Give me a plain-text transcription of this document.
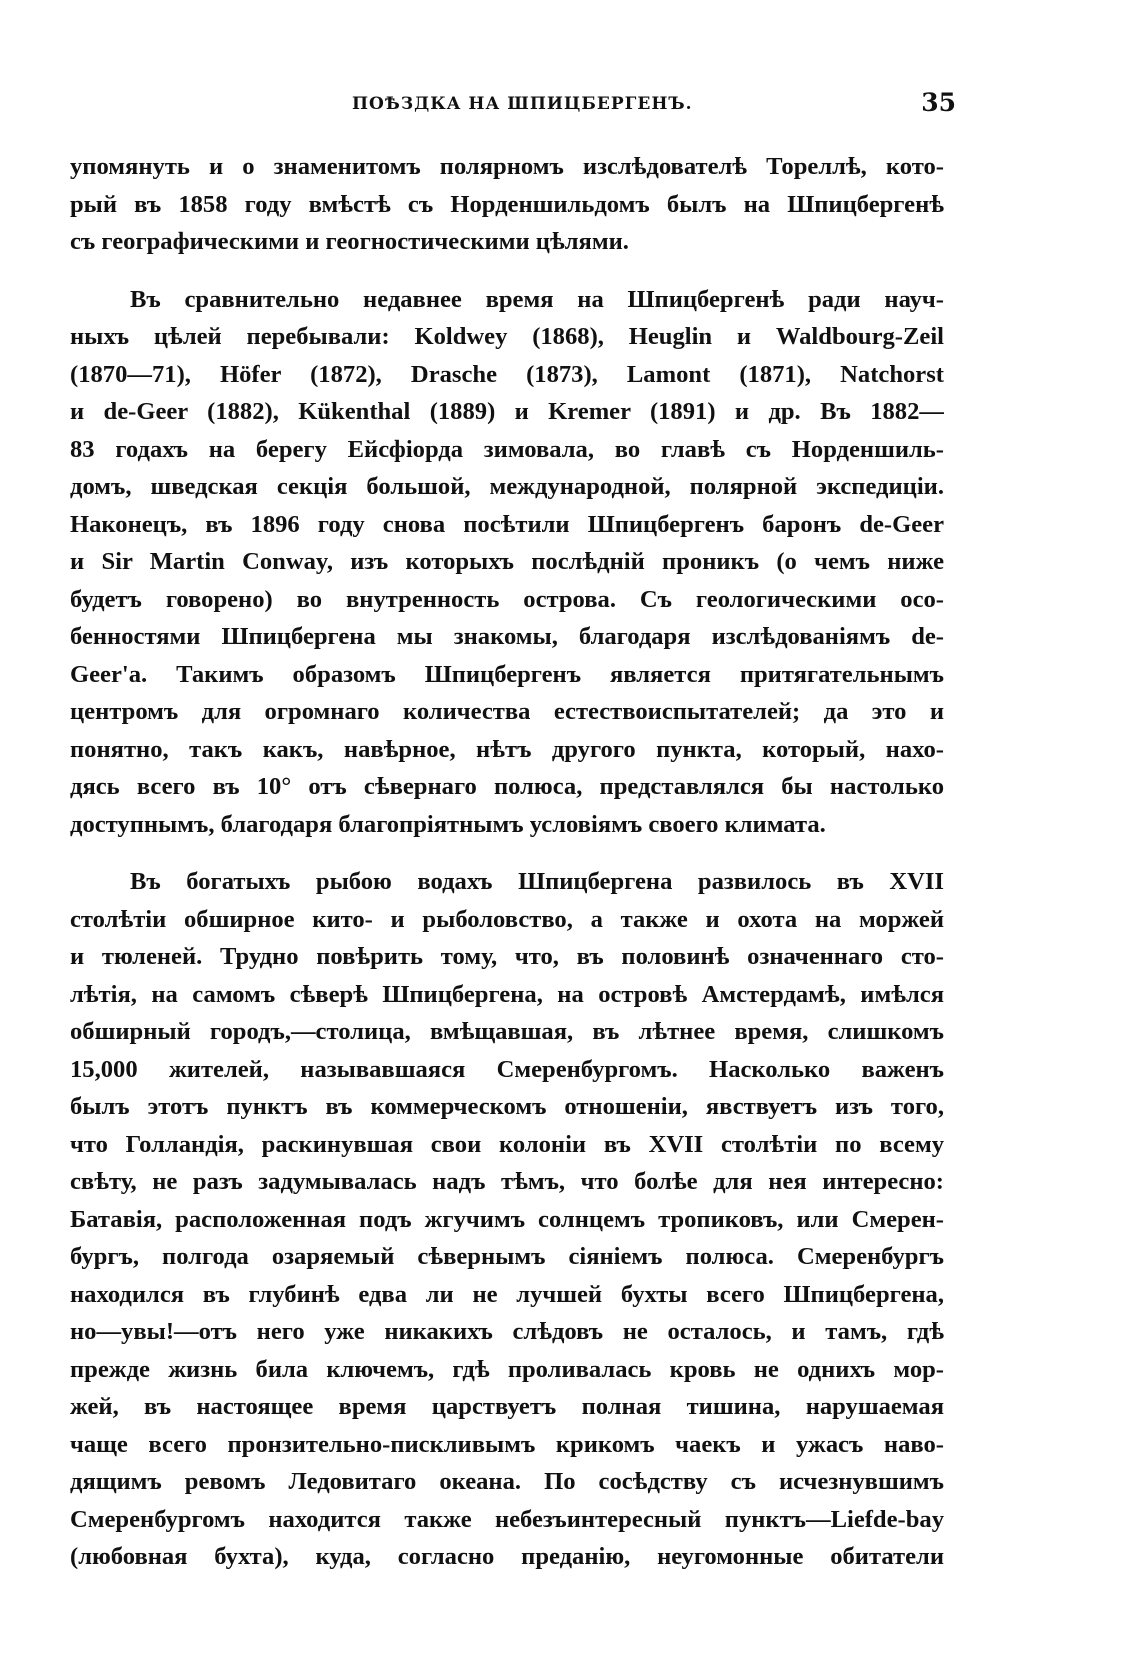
ПОѢЗДКА НА ШПИЦБЕРГЕНЪ.	35
упомянуть и о знаменитомъ полярномъ изслѣдователѣ Тореллѣ, кото-
рый въ 1858 году вмѣстѣ съ Норденшильдомъ былъ на Шпицбергенѣ
съ географическими и геогностическими цѣлями.
Въ сравнительно недавнее время на Шпицбергенѣ ради науч-
ныхъ цѣлей перебывали: Koldwey (1868), Heuglin и Waldbourg-Zeil
(1870—71), Höfer (1872), Drasche (1873), Lamont (1871), Natchorst
и de-Geer (1882), Kükenthal (1889) и Kremer (1891) и др. Въ 1882—
83 годахъ на берегу Ейсфiорда зимовала, во главѣ съ Норденшиль-
домъ, шведская секцiя большой, международной, полярной экспедицiи.
Наконецъ, въ 1896 году снова посѣтили Шпицбергенъ баронъ de-Geer
и Sir Martin Conway, изъ которыхъ послѣднiй проникъ (о чемъ ниже
будетъ говорено) во внутренность острова. Съ геологическими осо-
бенностями Шпицбергена мы знакомы, благодаря изслѣдованiямъ de-
Geer'а. Такимъ образомъ Шпицбергенъ является притягательнымъ
центромъ для огромнаго количества естествоиспытателей; да это и
понятно, такъ какъ, навѣрное, нѣтъ другого пункта, который, нахо-
дясь всего въ 10° отъ сѣвернаго полюса, представлялся бы настолько
доступнымъ, благодаря благопрiятнымъ условiямъ своего климата.
Въ богатыхъ рыбою водахъ Шпицбергена развилось въ XVII
столѣтiи обширное кито- и рыболовство, а также и охота на моржей
и тюленей. Трудно повѣрить тому, что, въ половинѣ означеннаго сто-
лѣтiя, на самомъ сѣверѣ Шпицбергена, на островѣ Амстердамѣ, имѣлся
обширный городъ,—столица, вмѣщавшая, въ лѣтнее время, слишкомъ
15,000 жителей, называвшаяся Смеренбургомъ. Насколько важенъ
былъ этотъ пунктъ въ коммерческомъ отношенiи, явствуетъ изъ того,
что Голландiя, раскинувшая свои колонiи въ XVII столѣтiи по всему
свѣту, не разъ задумывалась надъ тѣмъ, что болѣе для нея интересно:
Батавiя, расположенная подъ жгучимъ солнцемъ тропиковъ, или Смерен-
бургъ, полгода озаряемый сѣвернымъ сiянiемъ полюса. Смеренбургъ
находился въ глубинѣ едва ли не лучшей бухты всего Шпицбергена,
но—увы!—отъ него уже никакихъ слѣдовъ не осталось, и тамъ, гдѣ
прежде жизнь била ключемъ, гдѣ проливалась кровь не однихъ мор-
жей, въ настоящее время царствуетъ полная тишина, нарушаемая
чаще всего пронзительно-пискливымъ крикомъ чаекъ и ужасъ наво-
дящимъ ревомъ Ледовитаго океана. По сосѣдству съ исчезнувшимъ
Смеренбургомъ находится также небезъинтересный пунктъ—Liefde-bay
(любовная бухта), куда, согласно преданiю, неугомонные обитатели
